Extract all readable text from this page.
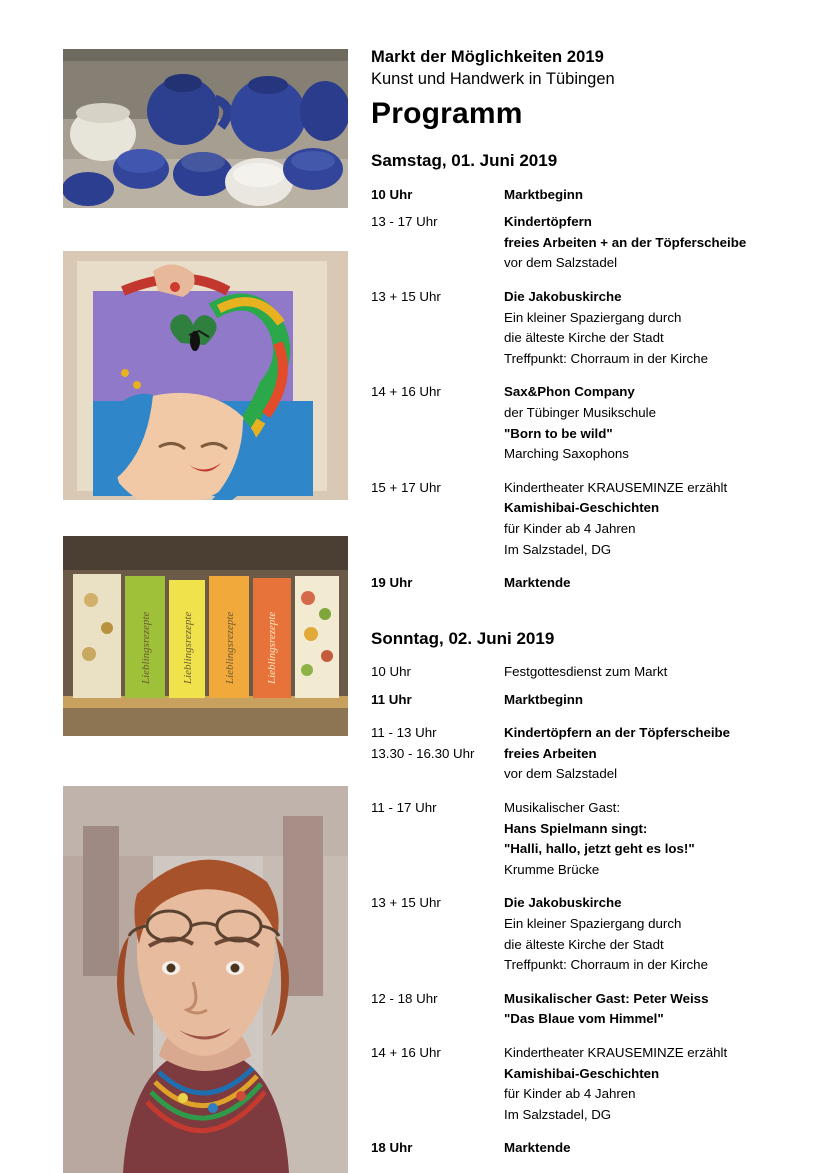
Lieblingsrezepte	Lieblingsrezepte	Lieblingsrezepte	Lieblingsrezepte
Markt der Möglichkeiten 2019
Kunst und Handwerk in Tübingen
Programm
Samstag, 01. Juni 2019
10 Uhr	Marktbeginn

13 - 17 Uhr	Kindertöpfern
freies Arbeiten + an der Töpferscheibe
vor dem Salzstadel

13 + 15 Uhr	Die Jakobuskirche
Ein kleiner Spaziergang durch
die älteste Kirche der Stadt
Treffpunkt: Chorraum in der Kirche

14 + 16 Uhr	Sax&Phon Company
der Tübinger Musikschule
"Born to be wild"
Marching Saxophons

15 + 17 Uhr	Kindertheater KRAUSEMINZE erzählt
Kamishibai-Geschichten
für Kinder ab 4 Jahren
Im Salzstadel, DG

19 Uhr	Marktende
Sonntag, 02. Juni 2019
10 Uhr	Festgottesdienst zum Markt

11 Uhr	Marktbeginn

11 - 13 Uhr
13.30 - 16.30 Uhr	Kindertöpfern an der Töpferscheibe
freies Arbeiten
vor dem Salzstadel

11 - 17 Uhr	Musikalischer Gast:
Hans Spielmann singt:
"Halli, hallo, jetzt geht es los!"
Krumme Brücke

13 + 15 Uhr	Die Jakobuskirche
Ein kleiner Spaziergang durch
die älteste Kirche der Stadt
Treffpunkt: Chorraum in der Kirche

12 - 18 Uhr	Musikalischer Gast: Peter Weiss
"Das Blaue vom Himmel"

14 + 16 Uhr	Kindertheater KRAUSEMINZE erzählt
Kamishibai-Geschichten
für Kinder ab 4 Jahren
Im Salzstadel, DG

18 Uhr	Marktende
